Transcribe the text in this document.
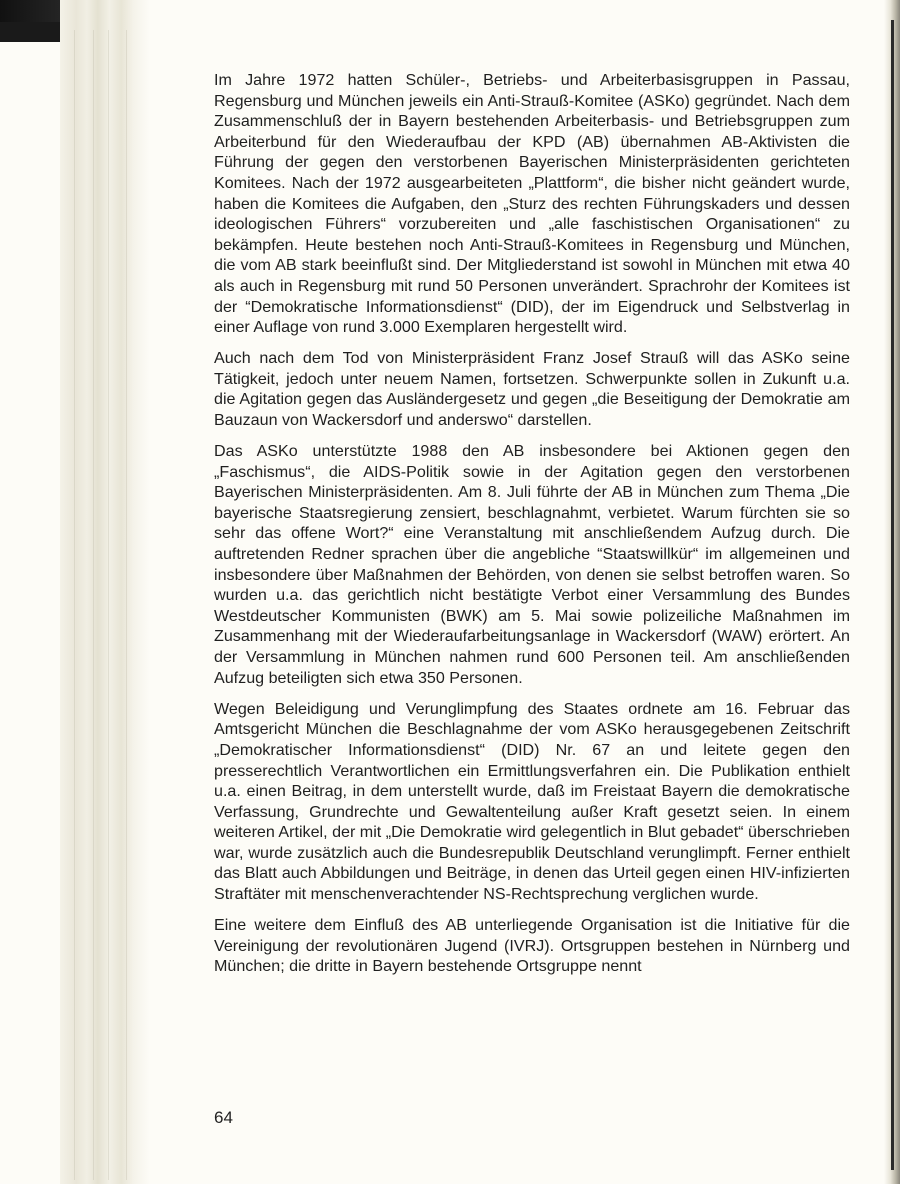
Im Jahre 1972 hatten Schüler-, Betriebs- und Arbeiterbasisgruppen in Passau, Regensburg und München jeweils ein Anti-Strauß-Komitee (ASKo) gegründet. Nach dem Zusammenschluß der in Bayern bestehenden Arbeiterbasis- und Betriebsgruppen zum Arbeiterbund für den Wiederaufbau der KPD (AB) übernahmen AB-Aktivisten die Führung der gegen den verstorbenen Bayerischen Ministerpräsidenten gerichteten Komitees. Nach der 1972 ausgearbeiteten „Plattform“, die bisher nicht geändert wurde, haben die Komitees die Aufgaben, den „Sturz des rechten Führungskaders und dessen ideologischen Führers“ vorzubereiten und „alle faschistischen Organisationen“ zu bekämpfen. Heute bestehen noch Anti-Strauß-Komitees in Regensburg und München, die vom AB stark beeinflußt sind. Der Mitgliederstand ist sowohl in München mit etwa 40 als auch in Regensburg mit rund 50 Personen unverändert. Sprachrohr der Komitees ist der “Demokratische Informationsdienst“ (DID), der im Eigendruck und Selbstverlag in einer Auflage von rund 3.000 Exemplaren hergestellt wird.

Auch nach dem Tod von Ministerpräsident Franz Josef Strauß will das ASKo seine Tätigkeit, jedoch unter neuem Namen, fortsetzen. Schwerpunkte sollen in Zukunft u.a. die Agitation gegen das Ausländergesetz und gegen „die Beseitigung der Demokratie am Bauzaun von Wackersdorf und anderswo“ darstellen.

Das ASKo unterstützte 1988 den AB insbesondere bei Aktionen gegen den „Faschismus“, die AIDS-Politik sowie in der Agitation gegen den verstorbenen Bayerischen Ministerpräsidenten. Am 8. Juli führte der AB in München zum Thema „Die bayerische Staatsregierung zensiert, beschlagnahmt, verbietet. Warum fürchten sie so sehr das offene Wort?“ eine Veranstaltung mit anschließendem Aufzug durch. Die auftretenden Redner sprachen über die angebliche “Staatswillkür“ im allgemeinen und insbesondere über Maßnahmen der Behörden, von denen sie selbst betroffen waren. So wurden u.a. das gerichtlich nicht bestätigte Verbot einer Versammlung des Bundes Westdeutscher Kommunisten (BWK) am 5. Mai sowie polizeiliche Maßnahmen im Zusammenhang mit der Wiederaufarbeitungsanlage in Wackersdorf (WAW) erörtert. An der Versammlung in München nahmen rund 600 Personen teil. Am anschließenden Aufzug beteiligten sich etwa 350 Personen.

Wegen Beleidigung und Verunglimpfung des Staates ordnete am 16. Februar das Amtsgericht München die Beschlagnahme der vom ASKo herausgegebenen Zeitschrift „Demokratischer Informationsdienst“ (DID) Nr. 67 an und leitete gegen den presserechtlich Verantwortlichen ein Ermittlungsverfahren ein. Die Publikation enthielt u.a. einen Beitrag, in dem unterstellt wurde, daß im Freistaat Bayern die demokratische Verfassung, Grundrechte und Gewaltenteilung außer Kraft gesetzt seien. In einem weiteren Artikel, der mit „Die Demokratie wird gelegentlich in Blut gebadet“ überschrieben war, wurde zusätzlich auch die Bundesrepublik Deutschland verunglimpft. Ferner enthielt das Blatt auch Abbildungen und Beiträge, in denen das Urteil gegen einen HIV-infizierten Straftäter mit menschenverachtender NS-Rechtsprechung verglichen wurde.

Eine weitere dem Einfluß des AB unterliegende Organisation ist die Initiative für die Vereinigung der revolutionären Jugend (IVRJ). Ortsgruppen bestehen in Nürnberg und München; die dritte in Bayern bestehende Ortsgruppe nennt

64
